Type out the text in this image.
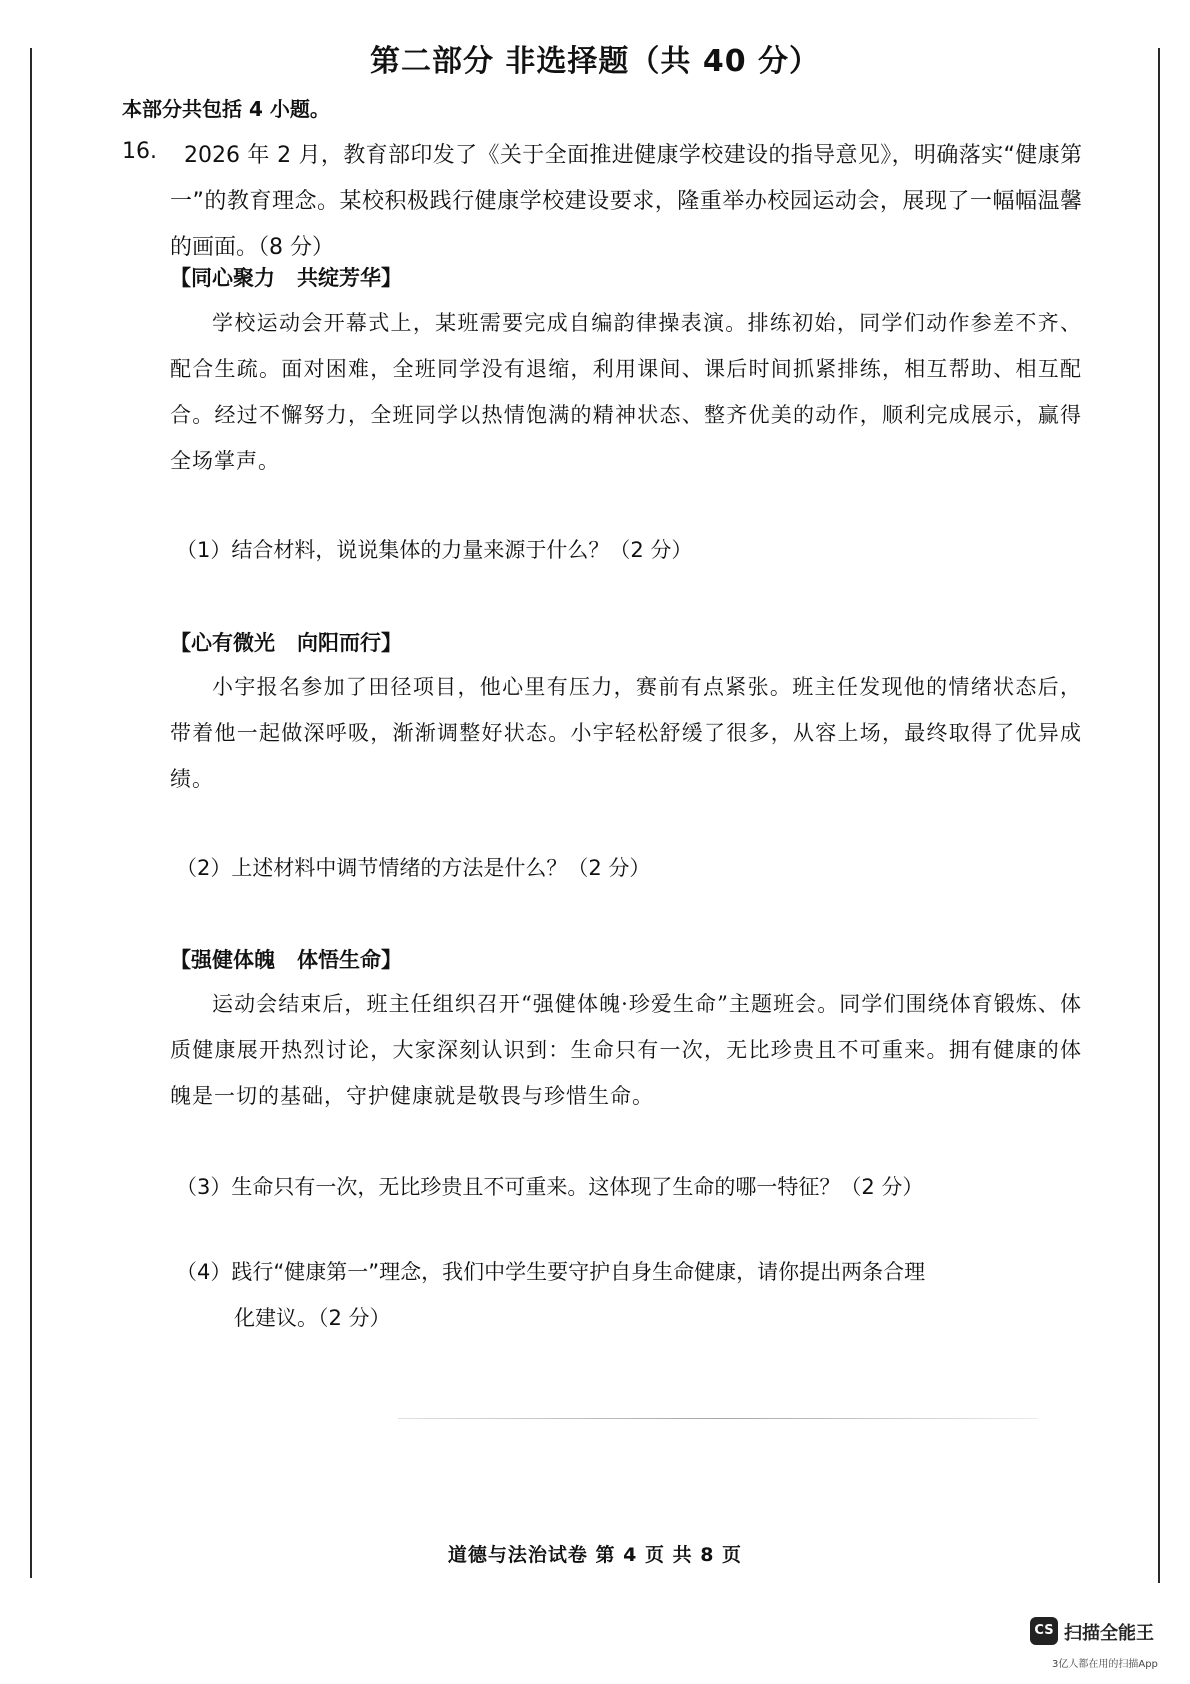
第二部分 非选择题（共 40 分）
本部分共包括 4 小题。
16.	2026 年 2 月，教育部印发了《关于全面推进健康学校建设的指导意见》，明确落实“健康第一”的教育理念。某校积极践行健康学校建设要求，隆重举办校园运动会，展现了一幅幅温馨的画面。（8 分）
【同心聚力 共绽芳华】
学校运动会开幕式上，某班需要完成自编韵律操表演。排练初始，同学们动作参差不齐、配合生疏。面对困难，全班同学没有退缩，利用课间、课后时间抓紧排练，相互帮助、相互配合。经过不懈努力，全班同学以热情饱满的精神状态、整齐优美的动作，顺利完成展示，赢得全场掌声。
（1）结合材料，说说集体的力量来源于什么？（2 分）
【心有微光 向阳而行】
小宇报名参加了田径项目，他心里有压力，赛前有点紧张。班主任发现他的情绪状态后，带着他一起做深呼吸，渐渐调整好状态。小宇轻松舒缓了很多，从容上场，最终取得了优异成绩。
（2）上述材料中调节情绪的方法是什么？（2 分）
【强健体魄 体悟生命】
运动会结束后，班主任组织召开“强健体魄·珍爱生命”主题班会。同学们围绕体育锻炼、体质健康展开热烈讨论，大家深刻认识到：生命只有一次，无比珍贵且不可重来。拥有健康的体魄是一切的基础，守护健康就是敬畏与珍惜生命。
（3）生命只有一次，无比珍贵且不可重来。这体现了生命的哪一特征？（2 分）
（4）践行“健康第一”理念，我们中学生要守护自身生命健康，请你提出两条合理
化建议。（2 分）
道德与法治试卷 第 4 页 共 8 页
CS 扫描全能王
3亿人都在用的扫描App
